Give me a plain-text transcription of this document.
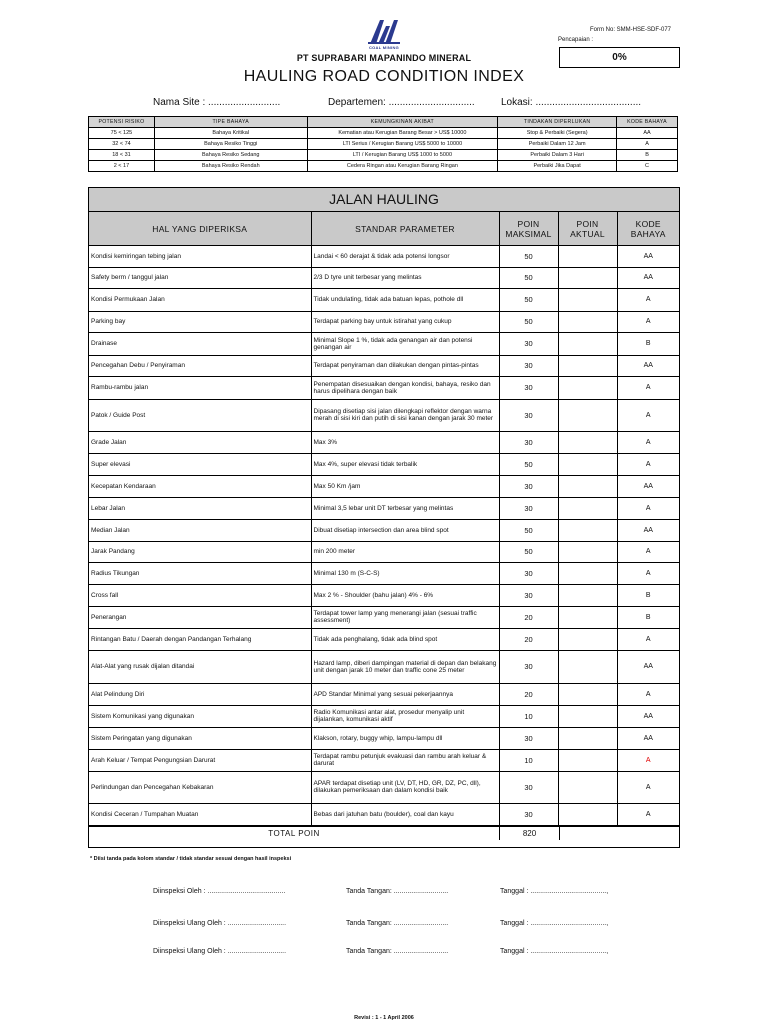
COAL MINING
Form No: SMM-HSE-SDF-077
Pencapaian :
0%
PT SUPRABARI MAPANINDO MINERAL
HAULING ROAD CONDITION INDEX
Nama Site : ..........................	Departemen: ...............................	Lokasi: ......................................
POTENSI RISIKO	TIPE BAHAYA	KEMUNGKINAN AKIBAT	TINDAKAN DIPERLUKAN	KODE BAHAYA
75 < 125	Bahaya Kritikal	Kematian atau Kerugian Barang Besar > US$ 10000	Stop & Perbaiki (Segera)	AA
32 < 74	Bahaya Resiko Tinggi	LTI Serius / Kerugian Barang US$ 5000 to 10000	Perbaiki Dalam 12 Jam	A
18 < 31	Bahaya Resiko Sedang	LTI / Kerugian Barang US$ 1000 to 5000	Perbaiki Dalam 3 Hari	B
2 < 17	Bahaya Resiko Rendah	Cedera Ringan atau Kerugian Barang Ringan	Perbaiki Jika Dapat	C
JALAN HAULING
HAL YANG DIPERIKSA	STANDAR PARAMETER	POIN MAKSIMAL	POIN AKTUAL	KODE BAHAYA
Kondisi kemiringan tebing jalan	Landai < 60 derajat & tidak ada potensi longsor	50		AA
Safety berm / tanggul jalan	2/3 D tyre unit terbesar yang melintas	50		AA
Kondisi Permukaan Jalan	Tidak undulating, tidak ada batuan lepas, pothole dll	50		A
Parking bay	Terdapat parking bay untuk istirahat yang cukup	50		A
Drainase	Minimal Slope 1 %, tidak ada genangan air dan potensi genangan air	30		B
Pencegahan Debu / Penyiraman	Terdapat penyiraman dan dilakukan dengan pintas-pintas	30		AA
Rambu-rambu jalan	Penempatan disesuaikan dengan kondisi, bahaya, resiko dan harus dipelihara dengan baik	30		A
Patok / Guide Post	Dipasang disetiap sisi jalan dilengkapi reflektor dengan warna merah di sisi kiri dan putih di sisi kanan dengan jarak 30 meter	30		A
Grade Jalan	Max 3%	30		A
Super elevasi	Max 4%, super elevasi tidak terbalik	50		A
Kecepatan Kendaraan	Max 50 Km /jam	30		AA
Lebar Jalan	Minimal 3,5 lebar unit DT terbesar yang melintas	30		A
Median Jalan	Dibuat disetiap intersection dan area blind spot	50		AA
Jarak Pandang	min 200 meter	50		A
Radius Tikungan	Minimal 130 m (S-C-S)	30		A
Cross fall	Max 2 % - Shoulder (bahu jalan) 4% - 6%	30		B
Penerangan	Terdapat tower lamp yang menerangi jalan (sesuai traffic assessment)	20		B
Rintangan Batu / Daerah dengan Pandangan Terhalang	Tidak ada penghalang, tidak ada blind spot	20		A
Alat-Alat yang rusak dijalan ditandai	Hazard lamp, diberi dampingan material di depan dan belakang unit dengan jarak 10 meter dan traffic cone 25 meter	30		AA
Alat Pelindung Diri	APD Standar Minimal yang sesuai pekerjaannya	20		A
Sistem Komunikasi yang digunakan	Radio Komunikasi antar alat, prosedur menyalip unit dijalankan, komunikasi aktif	10		AA
Sistem Peringatan yang digunakan	Klakson, rotary, buggy whip, lampu-lampu dll	30		AA
Arah Keluar / Tempat Pengungsian Darurat	Terdapat rambu petunjuk evakuasi dan rambu arah keluar & darurat	10		A
Perlindungan dan Pencegahan Kebakaran	APAR terdapat disetiap unit (LV, DT, HD, GR, DZ, PC, dll), dilakukan pemeriksaan dan dalam kondisi baik	30		A
Kondisi Ceceran / Tumpahan Muatan	Bebas dari jatuhan batu (boulder), coal dan kayu	30		A
TOTAL POIN	820
* Diisi tanda pada kolom standar / tidak standar sesuai dengan hasil inspeksi
Diinspeksi Oleh : ........................................	Tanda Tangan: ............................	Tanggal : .......................................,
Diinspeksi Ulang Oleh : ..............................	Tanda Tangan: ............................	Tanggal : .......................................,
Diinspeksi Ulang Oleh : ..............................	Tanda Tangan: ............................	Tanggal : .......................................,
Revisi : 1 - 1 April 2006
